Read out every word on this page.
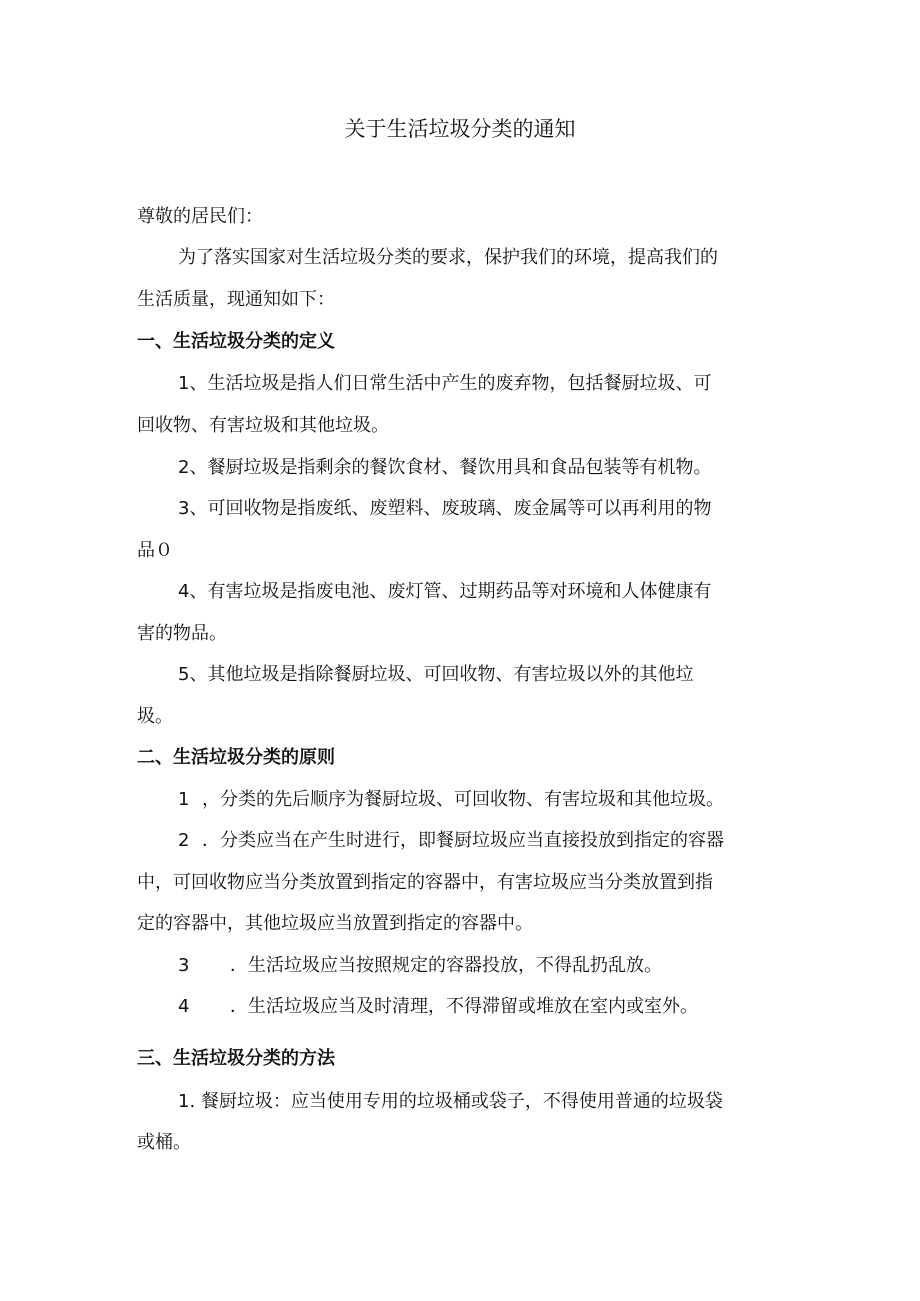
关于生活垃圾分类的通知
尊敬的居民们：
为了落实国家对生活垃圾分类的要求，保护我们的环境，提高我们的
生活质量，现通知如下：
一、生活垃圾分类的定义
1、生活垃圾是指人们日常生活中产生的废弃物，包括餐厨垃圾、可
回收物、有害垃圾和其他垃圾。
2、餐厨垃圾是指剩余的餐饮食材、餐饮用具和食品包装等有机物。
3、可回收物是指废纸、废塑料、废玻璃、废金属等可以再利用的物
品０
4、有害垃圾是指废电池、废灯管、过期药品等对环境和人体健康有
害的物品。
5、其他垃圾是指除餐厨垃圾、可回收物、有害垃圾以外的其他垃
圾。
二、生活垃圾分类的原则
1 ，分类的先后顺序为餐厨垃圾、可回收物、有害垃圾和其他垃圾。
2 ．分类应当在产生时进行，即餐厨垃圾应当直接投放到指定的容器
中，可回收物应当分类放置到指定的容器中，有害垃圾应当分类放置到指
定的容器中，其他垃圾应当放置到指定的容器中。
3 ．生活垃圾应当按照规定的容器投放，不得乱扔乱放。
4 ．生活垃圾应当及时清理，不得滞留或堆放在室内或室外。
三、生活垃圾分类的方法
1. 餐厨垃圾：应当使用专用的垃圾桶或袋子，不得使用普通的垃圾袋
或桶。
